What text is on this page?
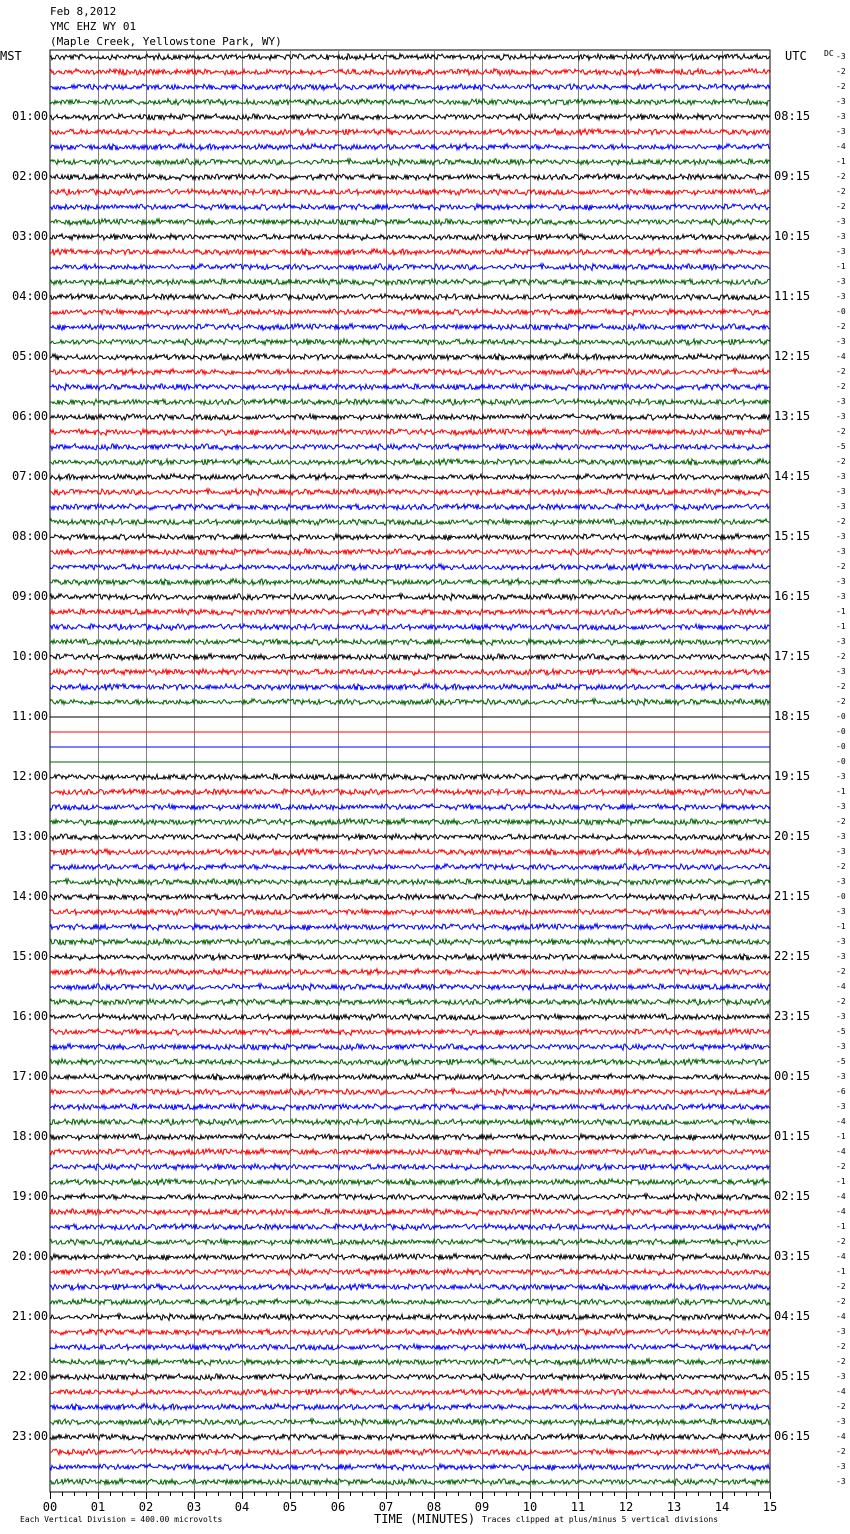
00	01	02	03	04	05	06	07	08	09	10	11	12	13	14	15
Feb 8,2012
YMC EHZ WY 01
(Maple Creek, Yellowstone Park, WY)
MST	UTC DC
01:00
02:00
03:00
04:00
05:00
06:00
07:00
08:00
09:00
10:00
11:00
12:00
13:00
14:00
15:00
16:00
17:00
18:00
19:00
20:00
21:00
22:00
23:00
08:15
09:15
10:15
11:15
12:15
13:15
14:15
15:15
16:15
17:15
18:15
19:15
20:15
21:15
22:15
23:15
00:15
01:15
02:15
03:15
04:15
05:15
06:15
-3
-2
-2
-3
-3
-3
-4
-1
-2
-2
-2
-3
-3
-3
-1
-3
-3
-0
-2
-3
-4
-2
-2
-3
-3
-2
-5
-2
-3
-3
-3
-2
-3
-3
-2
-3
-3
-1
-1
-3
-2
-3
-2
-2
-0
-0
-0
-0
-3
-1
-3
-2
-3
-3
-2
-3
-0
-3
-1
-3
-3
-2
-4
-2
-3
-5
-3
-5
-3
-6
-3
-4
-1
-4
-2
-1
-4
-4
-1
-2
-4
-1
-2
-2
-4
-3
-2
-2
-3
-4
-2
-3
-4
-2
-3
-3
Each Vertical Division = 400.00 microvolts	TIME (MINUTES) Traces clipped at plus/minus 5 vertical divisions
